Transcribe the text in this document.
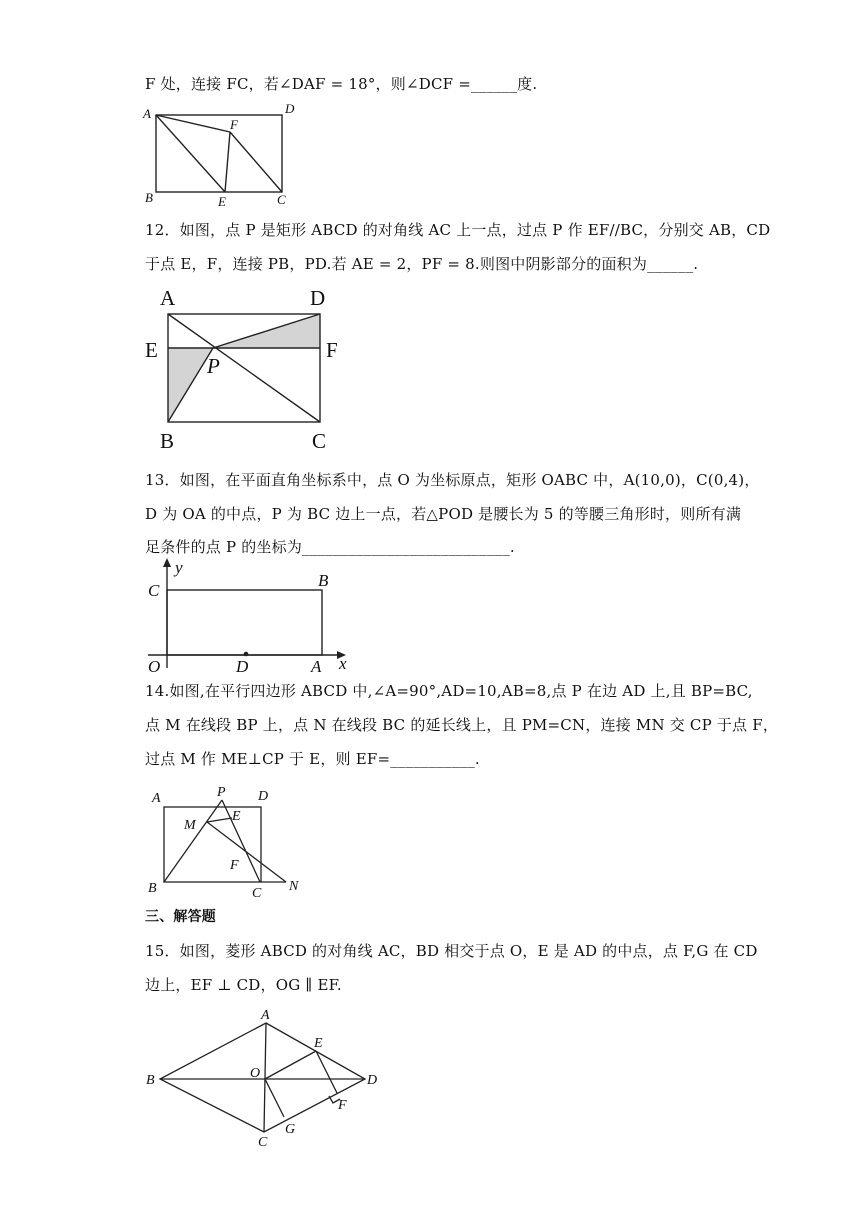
F 处，连接 FC，若∠DAF = 18°，则∠DCF =______度.
A	D
F
B	E	C
12．如图，点 P 是矩形 ABCD 的对角线 AC 上一点，过点 P 作 EF//BC，分别交 AB，CD
于点 E，F，连接 PB，PD.若 AE = 2，PF = 8.则图中阴影部分的面积为______.
A	D
E	F
B	C
P
13．如图，在平面直角坐标系中，点 O 为坐标原点，矩形 OABC 中，A(10,0)，C(0,4)，
D 为 OA 的中点，P 为 BC 边上一点，若△POD 是腰长为 5 的等腰三角形时，则所有满
足条件的点 P 的坐标为___________________________.
y
C
B
O	D	A x
14.如图,在平行四边形 ABCD 中,∠A=90°,AD=10,AB=8,点 P 在边 AD 上,且 BP=BC,
点 M 在线段 BP 上，点 N 在线段 BC 的延长线上，且 PM=CN，连接 MN 交 CP 于点 F，
过点 M 作 ME⊥CP 于 E，则 EF=___________.
A	P D
M
E
F
B	C N
三、解答题
15．如图，菱形 ABCD 的对角线 AC，BD 相交于点 O，E 是 AD 的中点，点 F,G 在 CD
边上，EF ⊥ CD，OG ∥ EF.
A
E
B	O	D
F
C
G
